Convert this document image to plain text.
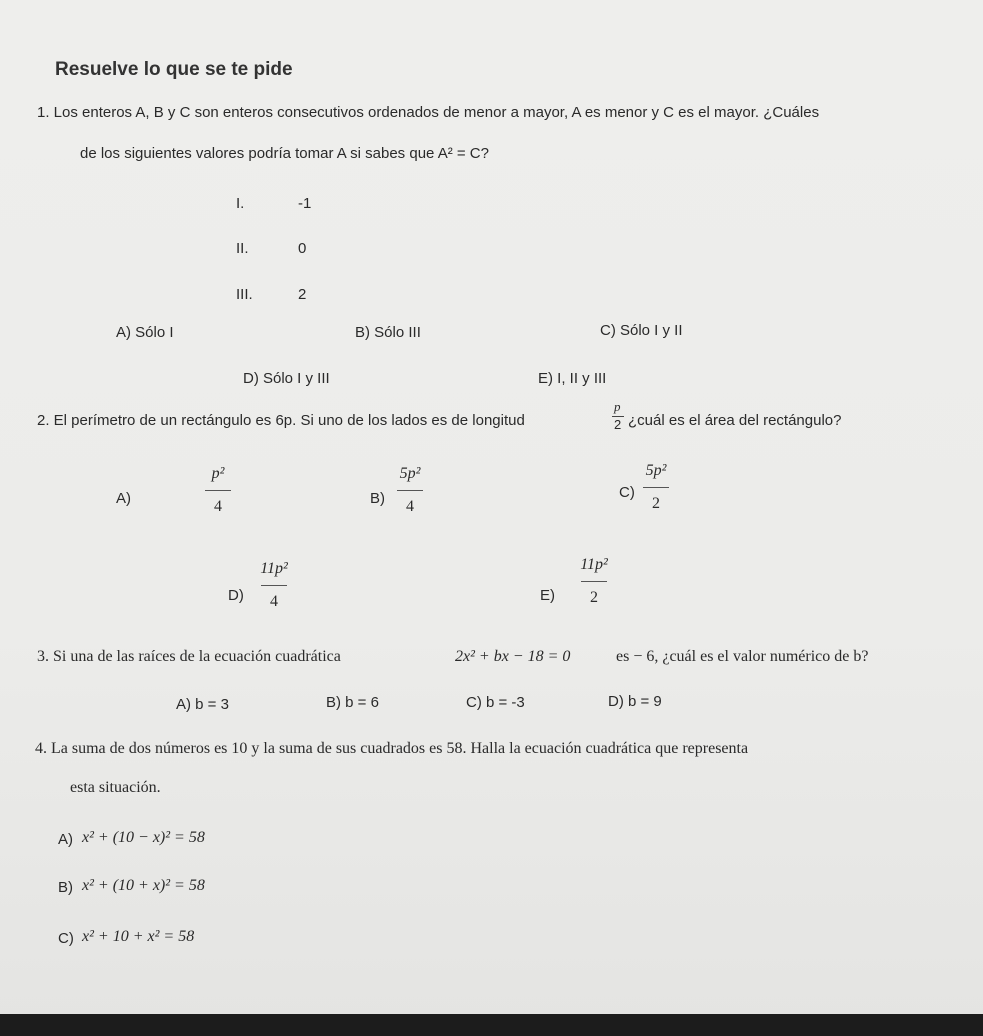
Resuelve lo que se te pide
1. Los enteros A, B y C son enteros consecutivos ordenados de menor a mayor, A es menor y C es el mayor. ¿Cuáles
de los siguientes valores podría tomar A si sabes que A² = C?
I.	-1
II.	0
III.	2
A) Sólo I	B) Sólo III	C) Sólo I y II
D) Sólo I y III	E) I, II y III
2. El perímetro de un rectángulo es 6p. Si uno de los lados es de longitud
p
2 ¿cuál es el área del rectángulo?
A)
p²
4	B)
5p²
4
C)
5p²
2
D)
11p²
4	E)
11p²
2
3. Si una de las raíces de la ecuación cuadrática	2x² + bx − 18 = 0	es − 6, ¿cuál es el valor numérico de b?
A) b = 3	B) b = 6	C) b = -3	D) b = 9
4. La suma de dos números es 10 y la suma de sus cuadrados es 58. Halla la ecuación cuadrática que representa
esta situación.
A) x² + (10 − x)² = 58
B) x² + (10 + x)² = 58
C) x² + 10 + x² = 58
